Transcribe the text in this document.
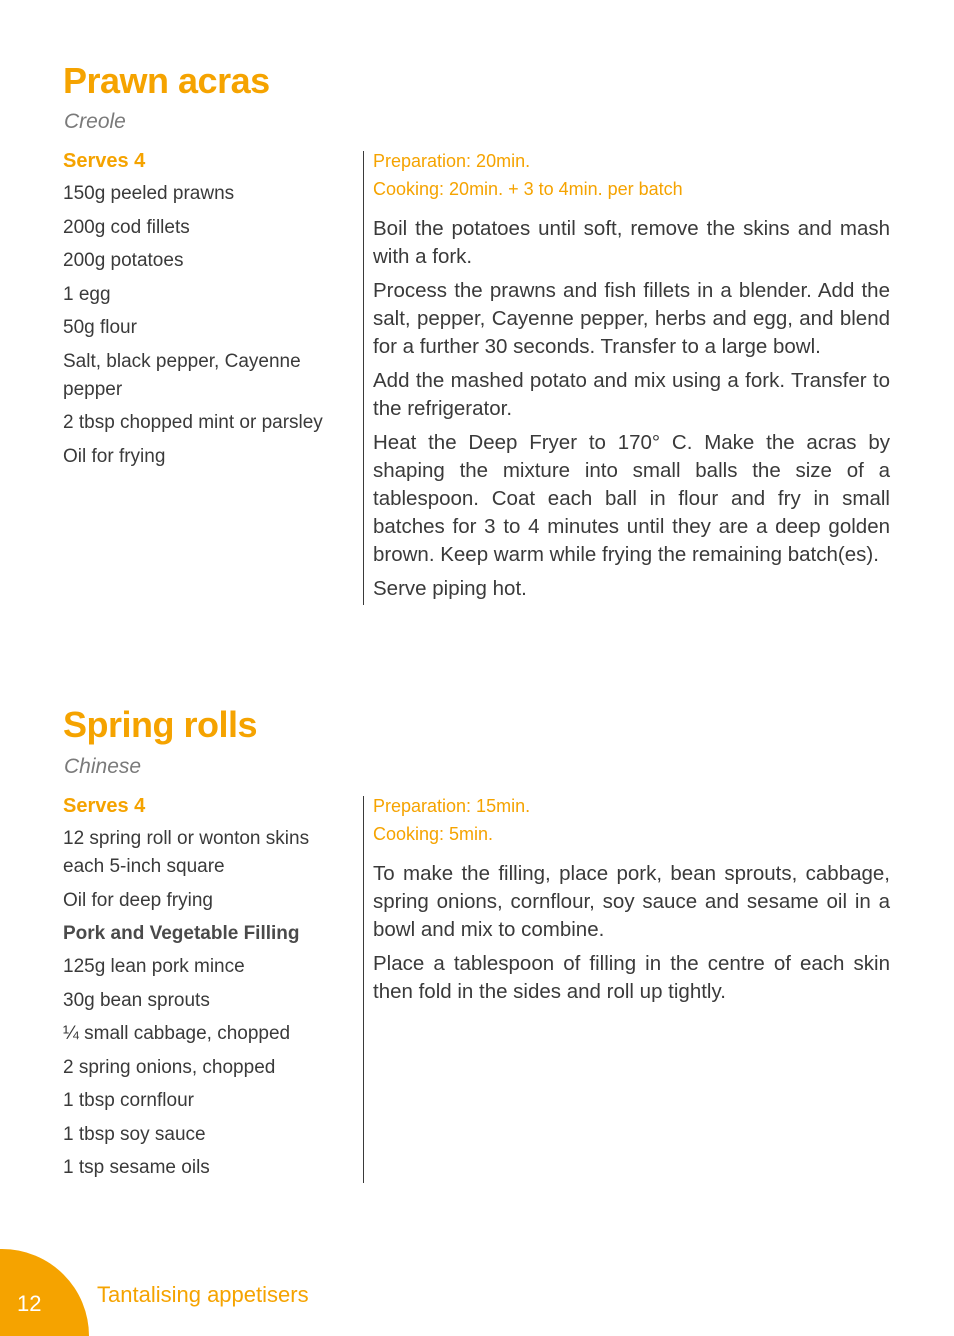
Prawn acras

Creole

Serves 4

150g peeled prawns
200g cod fillets
200g potatoes
1 egg
50g flour
Salt, black pepper, Cayenne pepper
2 tbsp chopped mint or parsley
Oil for frying

Preparation: 20min.

Cooking: 20min. + 3 to 4min. per batch

Boil the potatoes until soft, remove the skins and mash with a fork.

Process the prawns and fish fillets in a blender. Add the salt, pepper, Cayenne pepper, herbs and egg, and blend for a further 30 seconds. Transfer to a large bowl.

Add the mashed potato and mix using a fork. Transfer to the refrigerator.

Heat the Deep Fryer to 170° C. Make the acras by shaping the mixture into small balls the size of a tablespoon. Coat each ball in flour and fry in small batches for 3 to 4 minutes until they are a deep golden brown. Keep warm while frying the remaining batch(es).

Serve piping hot.

Spring rolls

Chinese

Serves 4

12 spring roll or wonton skins each 5-inch square
Oil for deep frying

Pork and Vegetable Filling

125g lean pork mince
30g bean sprouts
¼ small cabbage, chopped
2 spring onions, chopped
1 tbsp cornflour
1 tbsp soy sauce
1 tsp sesame oils

Preparation: 15min.

Cooking: 5min.

To make the filling, place pork, bean sprouts, cabbage, spring onions, cornflour, soy sauce and sesame oil in a bowl and mix to combine.

Place a tablespoon of filling in the centre of each skin then fold in the sides and roll up tightly.

12	Tantalising appetisers
